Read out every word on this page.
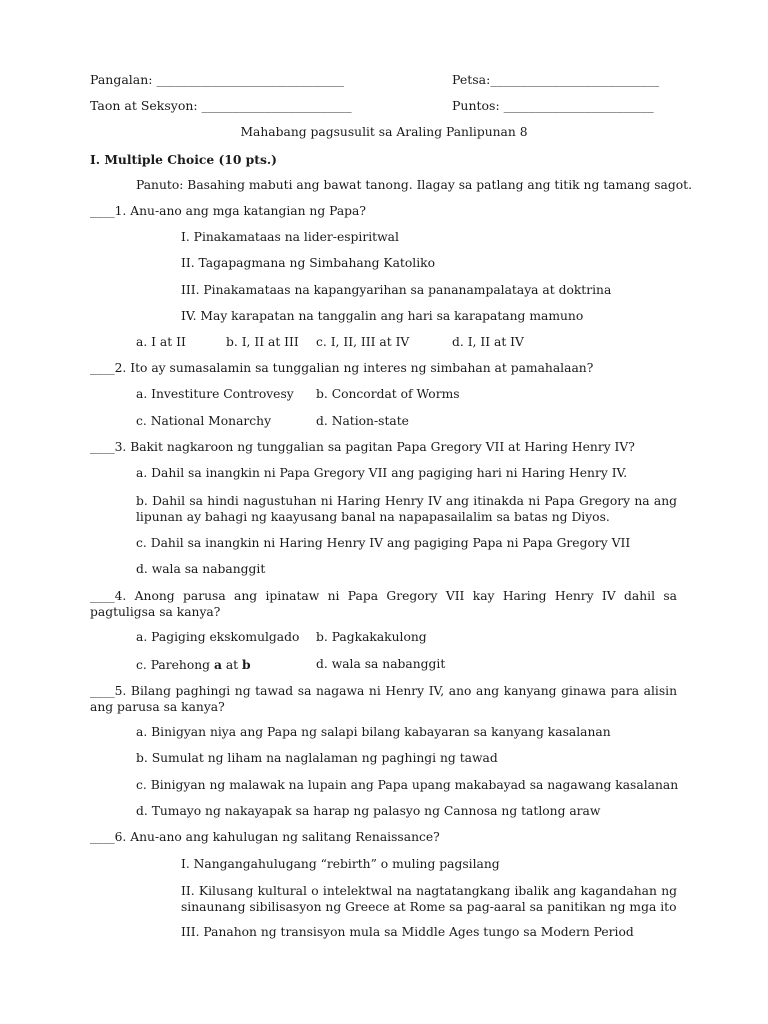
Pangalan: ______________________________	Petsa:___________________________
Taon at Seksyon: ________________________	Puntos: ________________________
Mahabang pagsusulit sa Araling Panlipunan 8
I. Multiple Choice (10 pts.)
Panuto: Basahing mabuti ang bawat tanong. Ilagay sa patlang ang titik ng tamang sagot.
____1. Anu-ano ang mga katangian ng Papa?
I. Pinakamataas na lider-espiritwal
II. Tagapagmana ng Simbahang Katoliko
III. Pinakamataas na kapangyarihan sa pananampalataya at doktrina
IV. May karapatan na tanggalin ang hari sa karapatang mamuno
a. I at II	b. I, II at III c. I, II, III at IV	d. I, II at IV
____2. Ito ay sumasalamin sa tunggalian ng interes ng simbahan at pamahalaan?
a. Investiture Controvesy b. Concordat of Worms
c. National Monarchy	d. Nation-state
____3. Bakit nagkaroon ng tunggalian sa pagitan Papa Gregory VII at Haring Henry IV?
a. Dahil sa inangkin ni Papa Gregory VII ang pagiging hari ni Haring Henry IV.
b. Dahil sa hindi nagustuhan ni Haring Henry IV ang itinakda ni Papa Gregory na ang lipunan ay bahagi ng kaayusang banal na napapasailalim sa batas ng Diyos.
c. Dahil sa inangkin ni Haring Henry IV ang pagiging Papa ni Papa Gregory VII
d. wala sa nabanggit
____4. Anong parusa ang ipinataw ni Papa Gregory VII kay Haring Henry IV dahil sa pagtuligsa sa kanya?
a. Pagiging ekskomulgado b. Pagkakakulong
c. Parehong a at b	d. wala sa nabanggit
____5. Bilang paghingi ng tawad sa nagawa ni Henry IV, ano ang kanyang ginawa para alisin ang parusa sa kanya?
a. Binigyan niya ang Papa ng salapi bilang kabayaran sa kanyang kasalanan
b. Sumulat ng liham na naglalaman ng paghingi ng tawad
c. Binigyan ng malawak na lupain ang Papa upang makabayad sa nagawang kasalanan
d. Tumayo ng nakayapak sa harap ng palasyo ng Cannosa ng tatlong araw
____6. Anu-ano ang kahulugan ng salitang Renaissance?
I. Nangangahulugang “rebirth” o muling pagsilang
II. Kilusang kultural o intelektwal na nagtatangkang ibalik ang kagandahan ng sinaunang sibilisasyon ng Greece at Rome sa pag-aaral sa panitikan ng mga ito
III. Panahon ng transisyon mula sa Middle Ages tungo sa Modern Period
